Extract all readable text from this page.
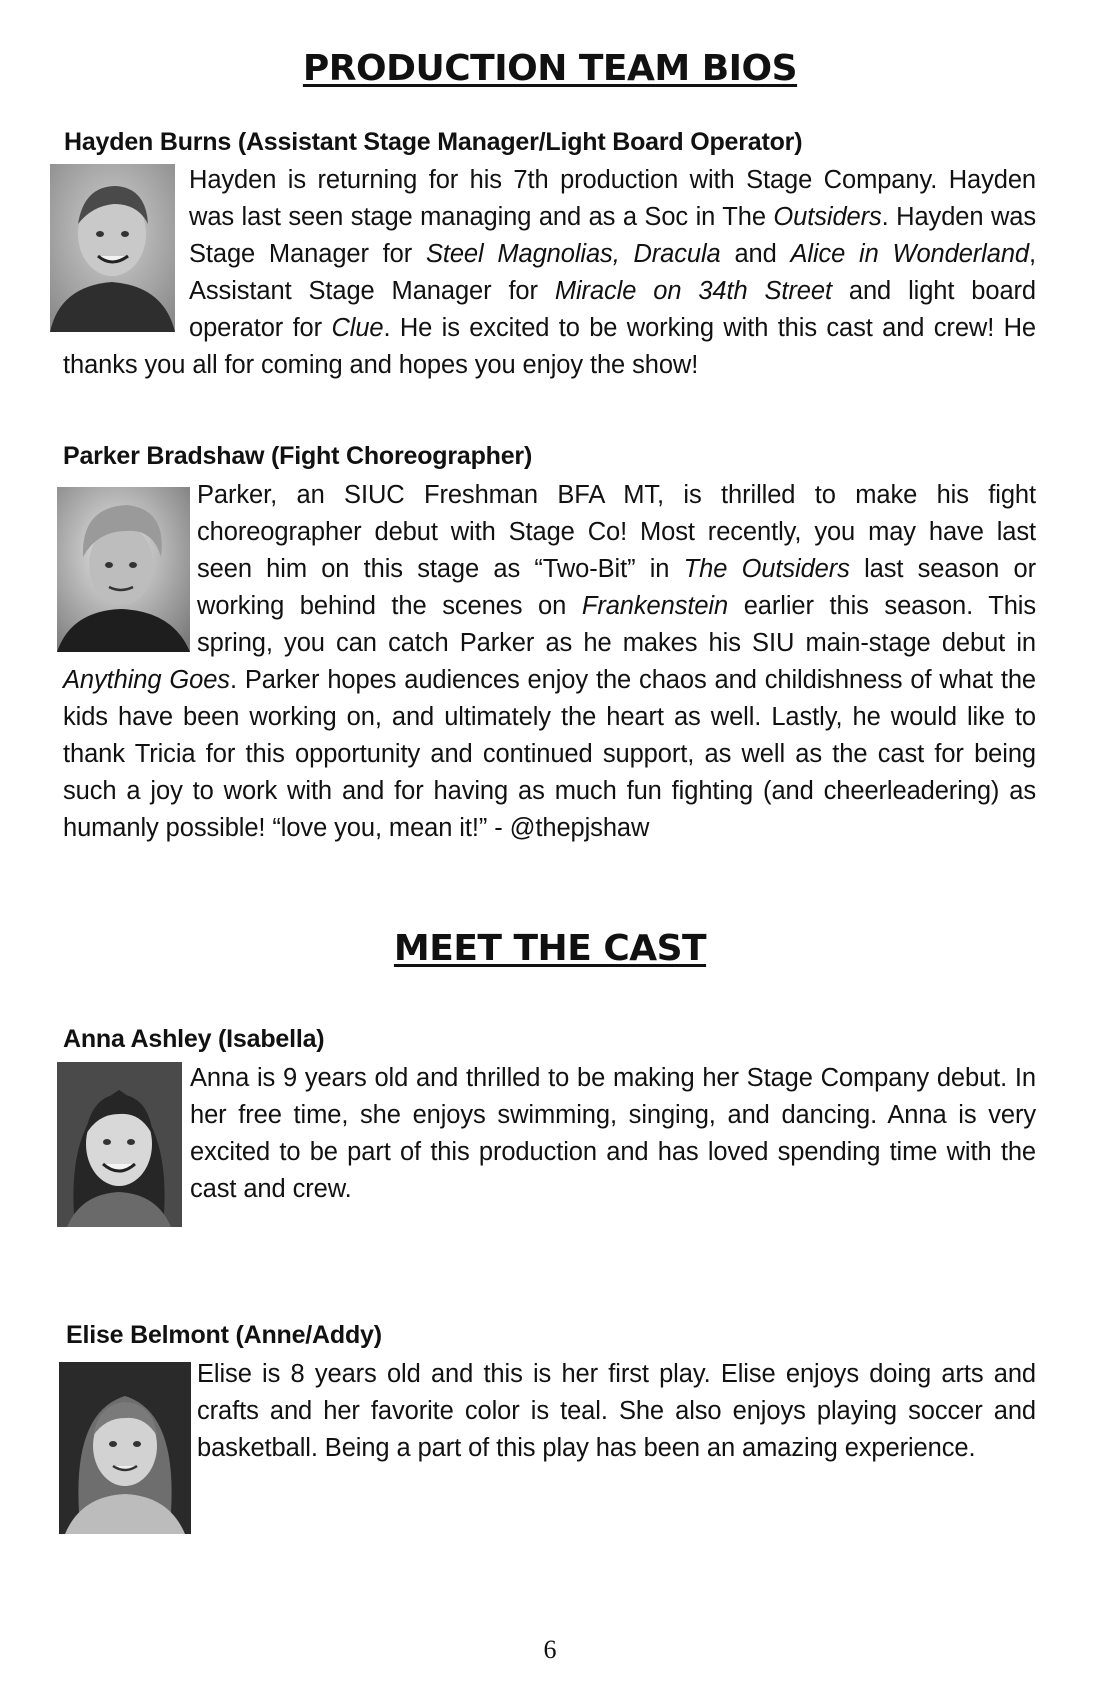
PRODUCTION TEAM BIOS
Hayden Burns (Assistant Stage Manager/Light Board Operator)

Hayden is returning for his 7th production with Stage Company. Hayden was last seen stage managing and as a Soc in The Outsiders. Hayden was Stage Manager for Steel Magnolias, Dracula and Alice in Wonderland, Assistant Stage Manager for Miracle on 34th Street and light board operator for Clue. He is excited to be working with this cast and crew! He thanks you all for coming and hopes you enjoy the show!

Parker Bradshaw (Fight Choreographer)

Parker, an SIUC Freshman BFA MT, is thrilled to make his fight choreographer debut with Stage Co! Most recently, you may have last seen him on this stage as “Two-Bit” in The Outsiders last season or working behind the scenes on Frankenstein earlier this season. This spring, you can catch Parker as he makes his SIU main-stage debut in Anything Goes. Parker hopes audiences enjoy the chaos and childishness of what the kids have been working on, and ultimately the heart as well. Lastly, he would like to thank Tricia for this opportunity and continued support, as well as the cast for being such a joy to work with and for having as much fun fighting (and cheerleadering) as humanly possible! “love you, mean it!” - @thepjshaw

MEET THE CAST
Anna Ashley (Isabella)

Anna is 9 years old and thrilled to be making her Stage Company debut. In her free time, she enjoys swimming, singing, and dancing. Anna is very excited to be part of this production and has loved spending time with the cast and crew.

Elise Belmont (Anne/Addy)

Elise is 8 years old and this is her first play. Elise enjoys doing arts and crafts and her favorite color is teal. She also enjoys playing soccer and basketball. Being a part of this play has been an amazing experience.

6
